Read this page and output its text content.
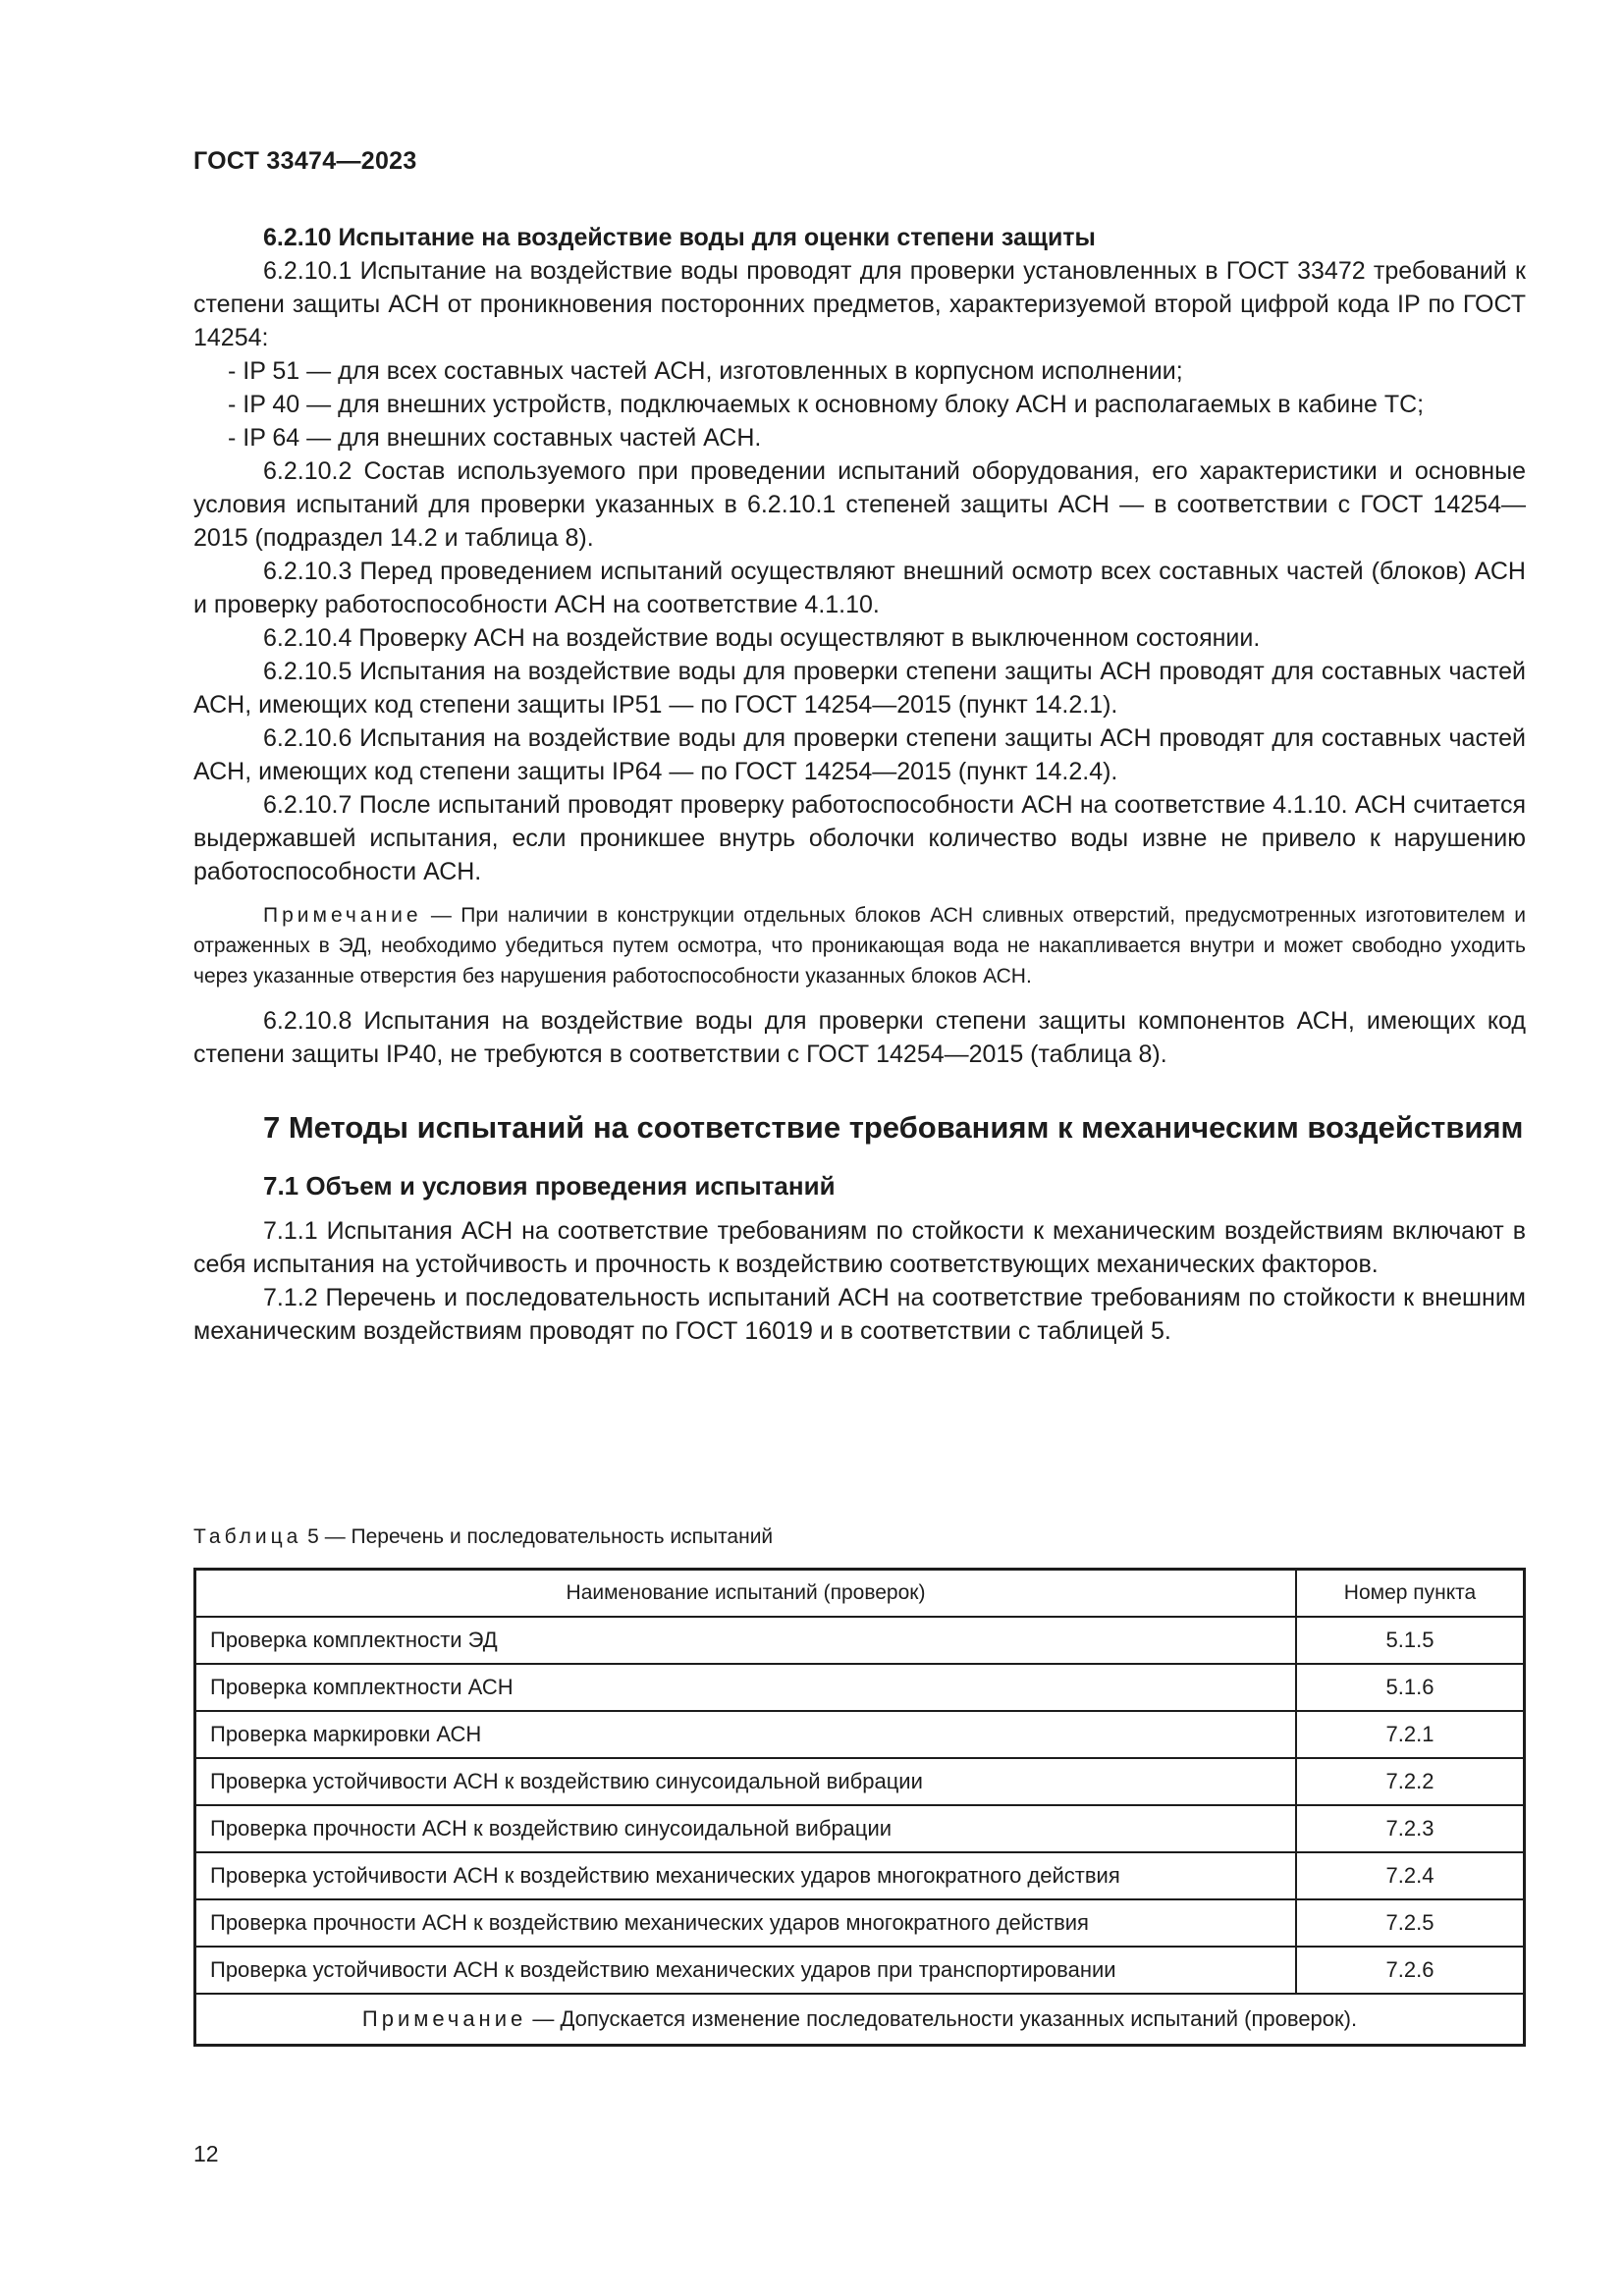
ГОСТ 33474—2023

6.2.10 Испытание на воздействие воды для оценки степени защиты

6.2.10.1 Испытание на воздействие воды проводят для проверки установленных в ГОСТ 33472 требований к степени защиты АСН от проникновения посторонних предметов, характеризуемой второй цифрой кода IP по ГОСТ 14254:

- IP 51 — для всех составных частей АСН, изготовленных в корпусном исполнении;

- IP 40 — для внешних устройств, подключаемых к основному блоку АСН и располагаемых в кабине ТС;

- IP 64 — для внешних составных частей АСН.

6.2.10.2 Состав используемого при проведении испытаний оборудования, его характеристики и основные условия испытаний для проверки указанных в 6.2.10.1 степеней защиты АСН — в соответствии с ГОСТ 14254—2015 (подраздел 14.2 и таблица 8).

6.2.10.3 Перед проведением испытаний осуществляют внешний осмотр всех составных частей (блоков) АСН и проверку работоспособности АСН на соответствие 4.1.10.

6.2.10.4 Проверку АСН на воздействие воды осуществляют в выключенном состоянии.

6.2.10.5 Испытания на воздействие воды для проверки степени защиты АСН проводят для составных частей АСН, имеющих код степени защиты IP51 — по ГОСТ 14254—2015 (пункт 14.2.1).

6.2.10.6 Испытания на воздействие воды для проверки степени защиты АСН проводят для составных частей АСН, имеющих код степени защиты IP64 — по ГОСТ 14254—2015 (пункт 14.2.4).

6.2.10.7 После испытаний проводят проверку работоспособности АСН на соответствие 4.1.10. АСН считается выдержавшей испытания, если проникшее внутрь оболочки количество воды извне не привело к нарушению работоспособности АСН.

Примечание — При наличии в конструкции отдельных блоков АСН сливных отверстий, предусмотренных изготовителем и отраженных в ЭД, необходимо убедиться путем осмотра, что проникающая вода не накапливается внутри и может свободно уходить через указанные отверстия без нарушения работоспособности указанных блоков АСН.

6.2.10.8 Испытания на воздействие воды для проверки степени защиты компонентов АСН, имеющих код степени защиты IP40, не требуются в соответствии с ГОСТ 14254—2015 (таблица 8).

7 Методы испытаний на соответствие требованиям к механическим воздействиям

7.1 Объем и условия проведения испытаний

7.1.1 Испытания АСН на соответствие требованиям по стойкости к механическим воздействиям включают в себя испытания на устойчивость и прочность к воздействию соответствующих механических факторов.

7.1.2 Перечень и последовательность испытаний АСН на соответствие требованиям по стойкости к внешним механическим воздействиям проводят по ГОСТ 16019 и в соответствии с таблицей 5.

Таблица 5 — Перечень и последовательность испытаний
Наименование испытаний (проверок)	Номер пункта
Проверка комплектности ЭД	5.1.5
Проверка комплектности АСН	5.1.6
Проверка маркировки АСН	7.2.1
Проверка устойчивости АСН к воздействию синусоидальной вибрации	7.2.2
Проверка прочности АСН к воздействию синусоидальной вибрации	7.2.3
Проверка устойчивости АСН к воздействию механических ударов многократного действия	7.2.4
Проверка прочности АСН к воздействию механических ударов многократного действия	7.2.5
Проверка устойчивости АСН к воздействию механических ударов при транспортировании	7.2.6
Примечание — Допускается изменение последовательности указанных испытаний (проверок).	
12
